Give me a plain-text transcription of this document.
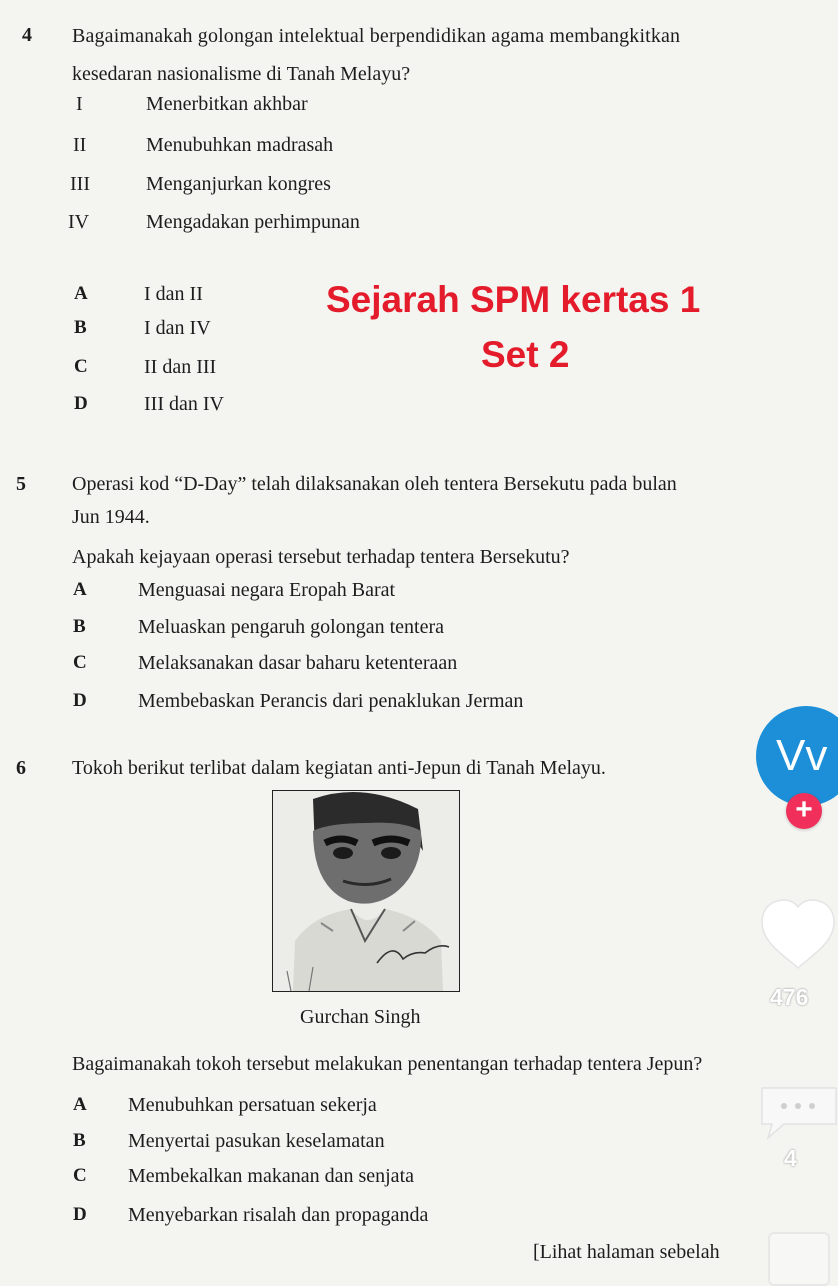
4 Bagaimanakah golongan intelektual berpendidikan agama membangkitkan
kesedaran nasionalisme di Tanah Melayu?
I	Menerbitkan akhbar
II	Menubuhkan madrasah
III	Menganjurkan kongres
IV	Mengadakan perhimpunan
A	I dan II
B	I dan IV
C	II dan III
D	III dan IV
Sejarah SPM kertas 1
Set 2
5 Operasi kod “D-Day” telah dilaksanakan oleh tentera Bersekutu pada bulan
Jun 1944.
Apakah kejayaan operasi tersebut terhadap tentera Bersekutu?
A	Menguasai negara Eropah Barat
B	Meluaskan pengaruh golongan tentera
C	Melaksanakan dasar baharu ketenteraan
D	Membebaskan Perancis dari penaklukan Jerman
6 Tokoh berikut terlibat dalam kegiatan anti-Jepun di Tanah Melayu.
Gurchan Singh
Bagaimanakah tokoh tersebut melakukan penentangan terhadap tentera Jepun?
A Menubuhkan persatuan sekerja
B Menyertai pasukan keselamatan
C Membekalkan makanan dan senjata
D Menyebarkan risalah dan propaganda
[Lihat halaman sebelah
Vv
+
476
4
